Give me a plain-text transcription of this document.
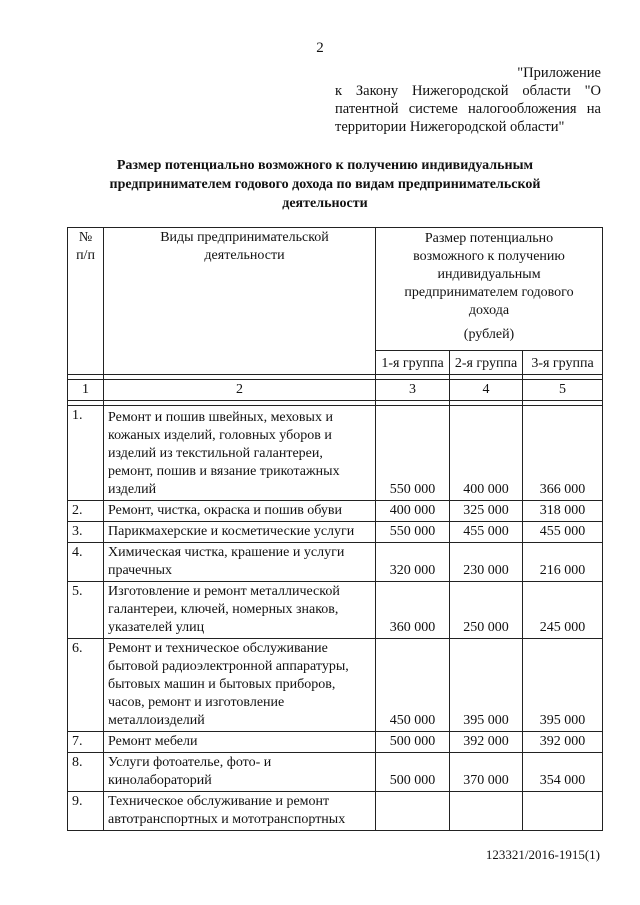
2
"Приложение
к Закону Нижегородской области "О
патентной системе налогообложения на
территории Нижегородской области"
Размер потенциально возможного к получению индивидуальным предпринимателем годового дохода по видам предпринимательской деятельности
№ п/п	Виды предпринимательской деятельности	Размер потенциально возможного к получению индивидуальным предпринимателем годового дохода
(рублей)		

		1-я группа	2-я группа	3-я группа

1	2	3	4	5

1.	Ремонт и пошив швейных, меховых и кожаных изделий, головных уборов и изделий из текстильной галантереи, ремонт, пошив и вязание трикотажных изделий	550 000	400 000	366 000
2.	Ремонт, чистка, окраска и пошив обуви	400 000	325 000	318 000
3.	Парикмахерские и косметические услуги	550 000	455 000	455 000
4.	Химическая чистка, крашение и услуги прачечных	320 000	230 000	216 000
5.	Изготовление и ремонт металлической галантереи, ключей, номерных знаков, указателей улиц	360 000	250 000	245 000
6.	Ремонт и техническое обслуживание бытовой радиоэлектронной аппаратуры, бытовых машин и бытовых приборов, часов, ремонт и изготовление металлоизделий	450 000	395 000	395 000
7.	Ремонт мебели	500 000	392 000	392 000
8.	Услуги фотоателье, фото- и кинолабораторий	500 000	370 000	354 000
9.	Техническое обслуживание и ремонт автотранспортных и мототранспортных			
123321/2016-1915(1)
